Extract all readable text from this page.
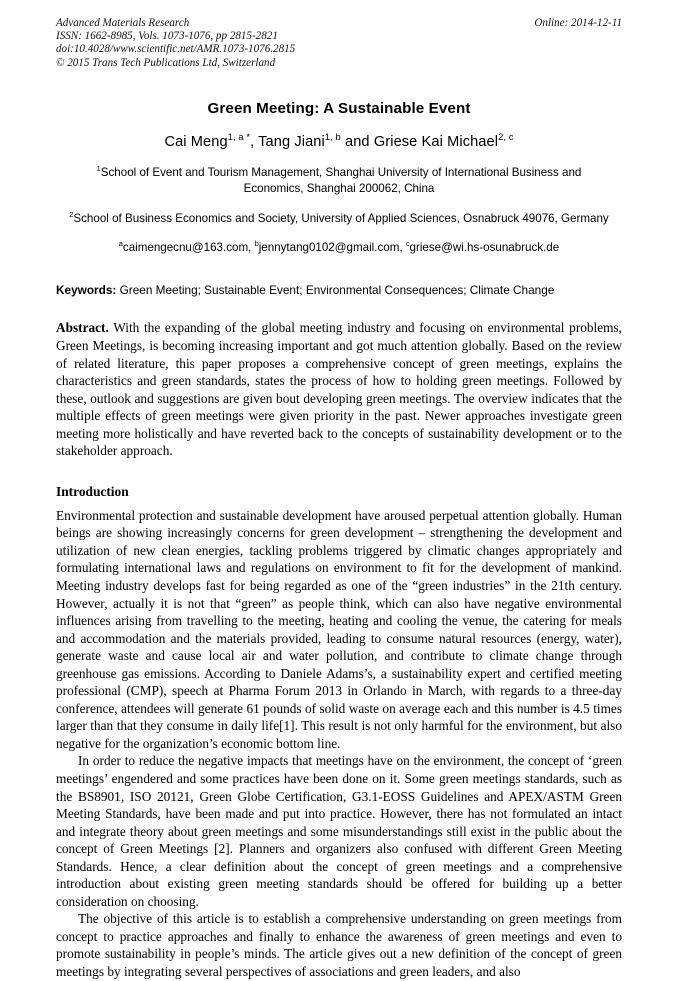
Advanced Materials Research
ISSN: 1662-8985, Vols. 1073-1076, pp 2815-2821
doi:10.4028/www.scientific.net/AMR.1073-1076.2815
© 2015 Trans Tech Publications Ltd, Switzerland
Online: 2014-12-11
Green Meeting: A Sustainable Event
Cai Meng$^{1, a *}$, Tang Jiani$^{1, b}$ and Griese Kai Michael$^{2, c}$
$^1$School of Event and Tourism Management, Shanghai University of International Business and Economics, Shanghai 200062, China
$^2$School of Business Economics and Society, University of Applied Sciences, Osnabruck 49076, Germany
$^a$caimengecnu@163.com, $^b$jennytang0102@gmail.com, $^c$griese@wi.hs-osunabruck.de
Keywords: Green Meeting; Sustainable Event; Environmental Consequences; Climate Change
Abstract. With the expanding of the global meeting industry and focusing on environmental problems, Green Meetings, is becoming increasing important and got much attention globally. Based on the review of related literature, this paper proposes a comprehensive concept of green meetings, explains the characteristics and green standards, states the process of how to holding green meetings. Followed by these, outlook and suggestions are given bout developing green meetings. The overview indicates that the multiple effects of green meetings were given priority in the past. Newer approaches investigate green meeting more holistically and have reverted back to the concepts of sustainability development or to the stakeholder approach.
Introduction
Environmental protection and sustainable development have aroused perpetual attention globally. Human beings are showing increasingly concerns for green development – strengthening the development and utilization of new clean energies, tackling problems triggered by climatic changes appropriately and formulating international laws and regulations on environment to fit for the development of mankind. Meeting industry develops fast for being regarded as one of the “green industries” in the 21th century. However, actually it is not that “green” as people think, which can also have negative environmental influences arising from travelling to the meeting, heating and cooling the venue, the catering for meals and accommodation and the materials provided, leading to consume natural resources (energy, water), generate waste and cause local air and water pollution, and contribute to climate change through greenhouse gas emissions. According to Daniele Adams’s, a sustainability expert and certified meeting professional (CMP), speech at Pharma Forum 2013 in Orlando in March, with regards to a three-day conference, attendees will generate 61 pounds of solid waste on average each and this number is 4.5 times larger than that they consume in daily life[1]. This result is not only harmful for the environment, but also negative for the organization’s economic bottom line.
In order to reduce the negative impacts that meetings have on the environment, the concept of ‘green meetings’ engendered and some practices have been done on it. Some green meetings standards, such as the BS8901, ISO 20121, Green Globe Certification, G3.1-EOSS Guidelines and APEX/ASTM Green Meeting Standards, have been made and put into practice. However, there has not formulated an intact and integrate theory about green meetings and some misunderstandings still exist in the public about the concept of Green Meetings [2]. Planners and organizers also confused with different Green Meeting Standards. Hence, a clear definition about the concept of green meetings and a comprehensive introduction about existing green meeting standards should be offered for building up a better consideration on choosing.
The objective of this article is to establish a comprehensive understanding on green meetings from concept to practice approaches and finally to enhance the awareness of green meetings and even to promote sustainability in people’s minds. The article gives out a new definition of the concept of green meetings by integrating several perspectives of associations and green leaders, and also
